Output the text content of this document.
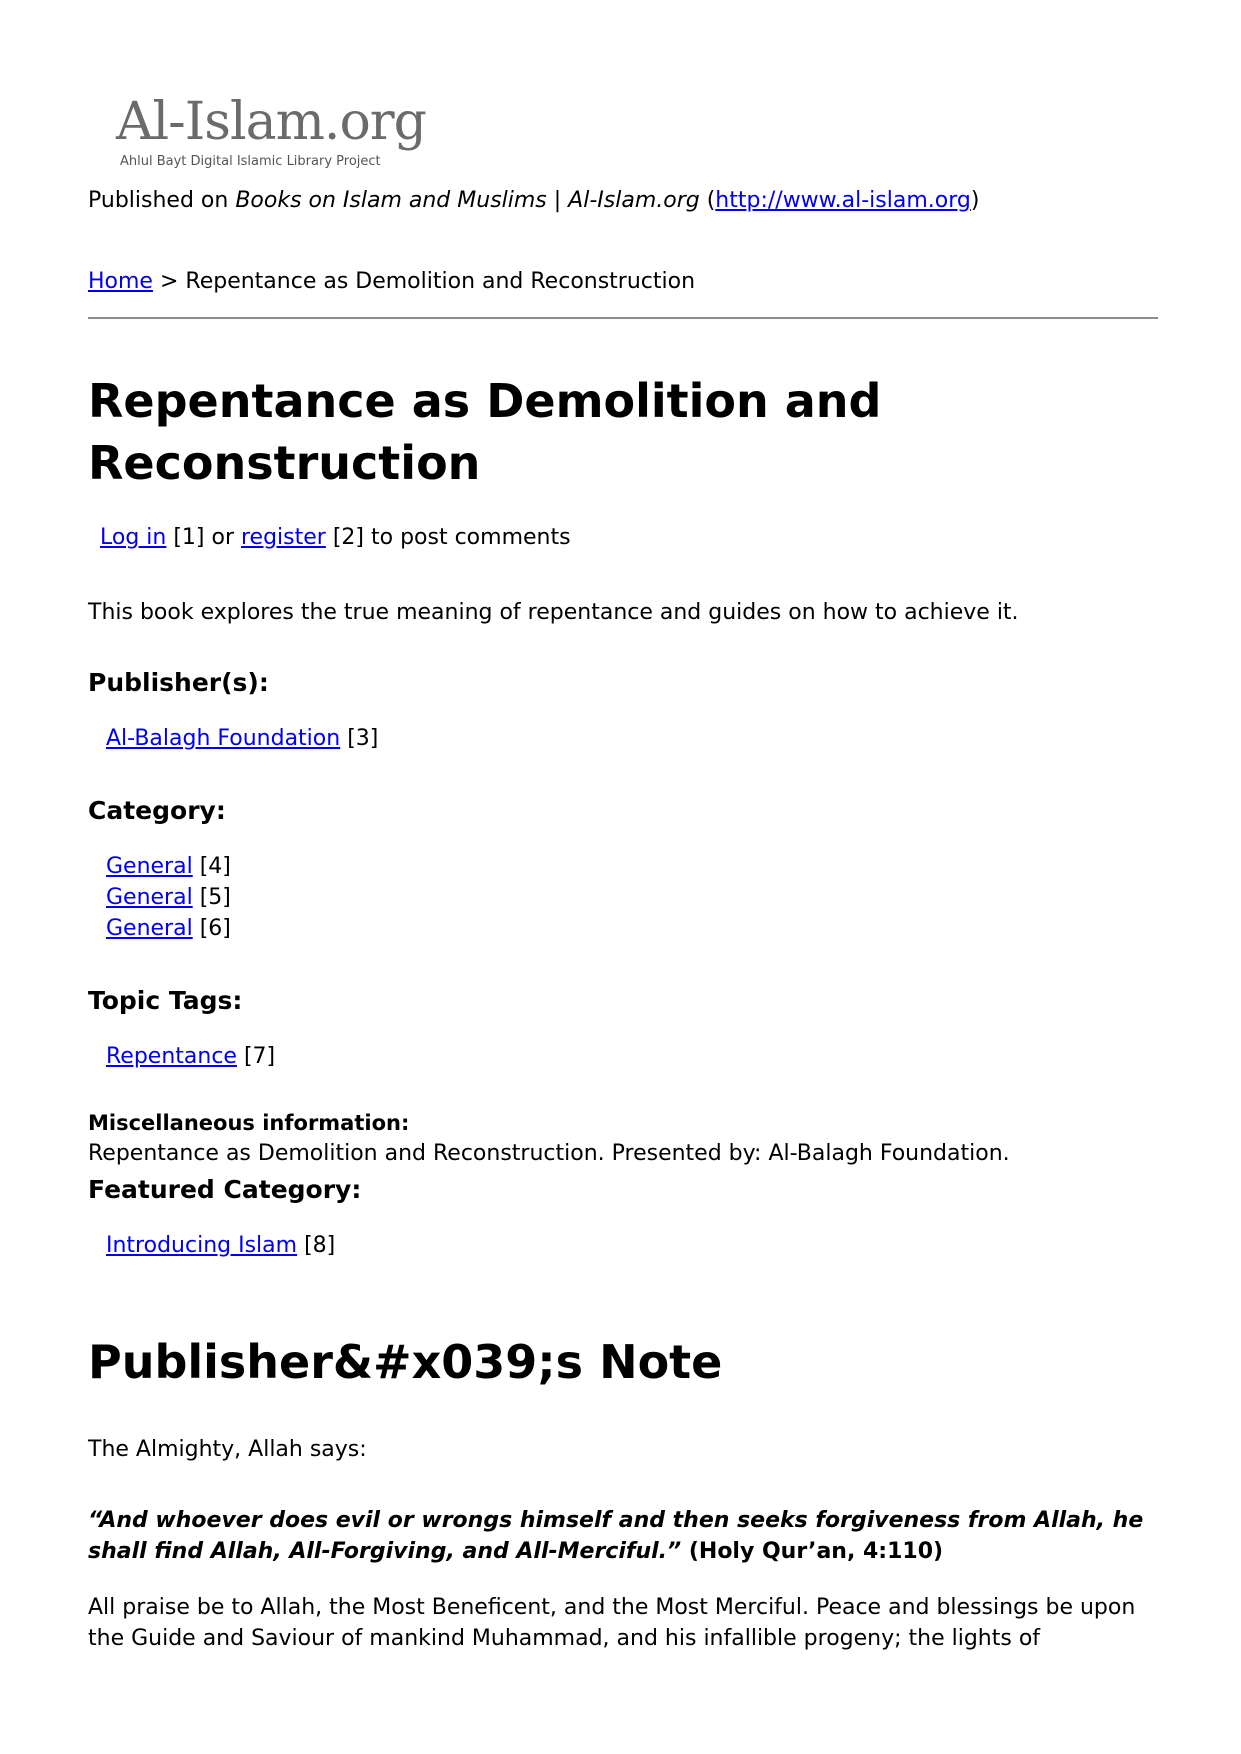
Al-Islam.org
Ahlul Bayt Digital Islamic Library Project
Published on Books on Islam and Muslims | Al-Islam.org (http://www.al-islam.org)
Home > Repentance as Demolition and Reconstruction
Repentance as Demolition and Reconstruction
Log in [1] or register [2] to post comments
This book explores the true meaning of repentance and guides on how to achieve it.
Publisher(s):
Al-Balagh Foundation [3]
Category:
General [4]
General [5]
General [6]
Topic Tags:
Repentance [7]
Miscellaneous information:
Repentance as Demolition and Reconstruction. Presented by: Al-Balagh Foundation.
Featured Category:
Introducing Islam [8]
Publisher&#x039;s Note

The Almighty, Allah says:

“And whoever does evil or wrongs himself and then seeks forgiveness from Allah, he shall find Allah, All-Forgiving, and All-Merciful.” (Holy Qur’an, 4:110)

All praise be to Allah, the Most Beneficent, and the Most Merciful. Peace and blessings be upon the Guide and Saviour of mankind Muhammad, and his infallible progeny; the lights of
